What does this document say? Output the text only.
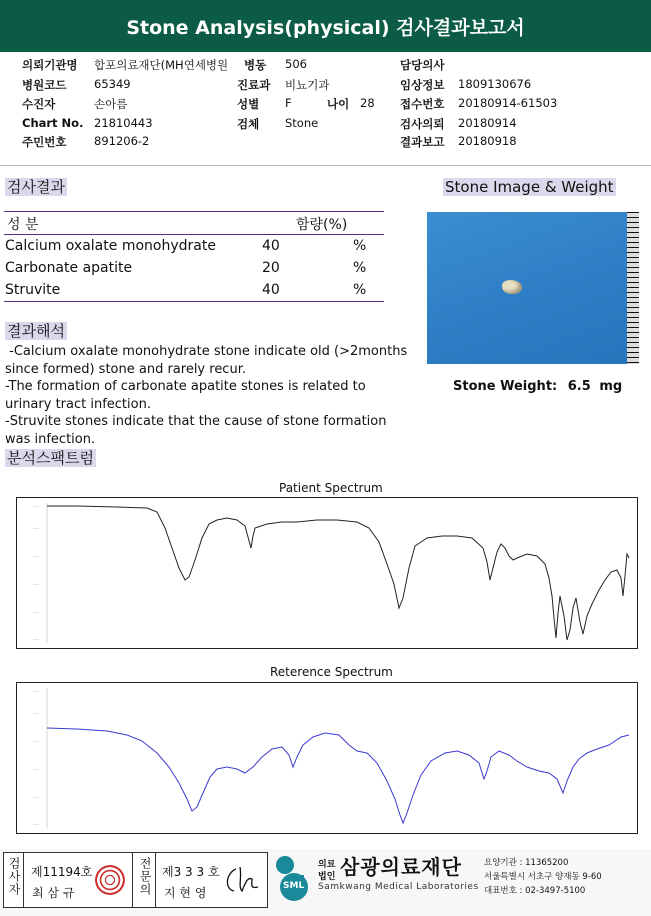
Stone Analysis(physical) 검사결과보고서
의뢰기관명 합포의료재단(MH연세병원 병동 506	담당의사
병원코드 65349	진료과 비뇨기과	임상정보 1809130676
수진자	손아름	성별 F	나이 28 접수번호 20180914-61503
Chart No. 21810443	검체 Stone	검사의뢰 20180914
주민번호 891206-2	결과보고 20180918
검사결과	Stone Image & Weight
성 분	함량(%)
Calcium oxalate monohydrate	40	%
Carbonate apatite	20	%
Struvite	40	%
Stone Weight: 6.5 mg
결과해석
-Calcium oxalate monohydrate stone indicate old (>2months
since formed) stone and rarely recur.
-The formation of carbonate apatite stones is related to
urinary tract infection.
-Struvite stones indicate that the cause of stone formation
was infection.
분석스팩트럼
Patient Spectrum
·····
·····
·····
·····
·····
·····
Reterence Spectrum
·····
·····
·····
·····
·····
·····
검사자 제11194호
최 삼 규	전문의 제3 3 3 호
지 현 영	SML
의료
법인 삼광의료재단
Samkwang Medical Laboratories
요양기관 : 11365200
서울특별시 서초구 양재동 9-60
대표번호 : 02-3497-5100
